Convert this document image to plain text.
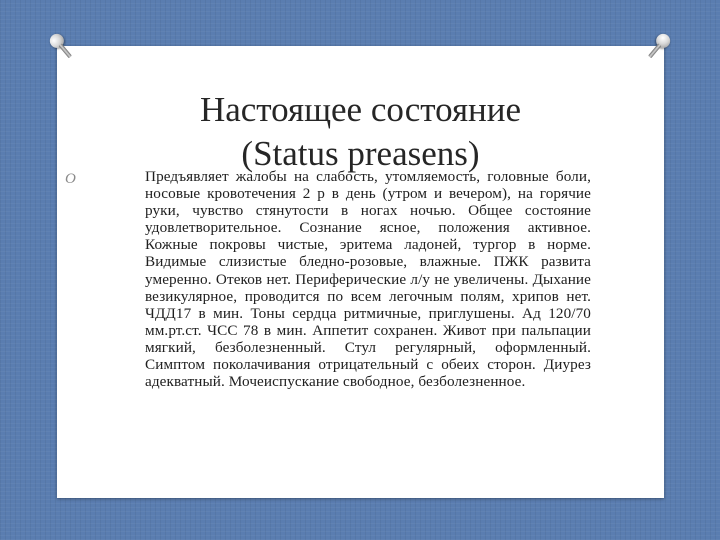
Настоящее состояние
(Status preasens)
O	Предъявляет жалобы на слабость, утомляемость, головные боли, носовые кровотечения 2 р в день (утром и вечером), на горячие руки, чувство стянутости в ногах ночью. Общее состояние удовлетворительное. Сознание ясное, положения активное. Кожные покровы чистые, эритема ладоней, тургор в норме. Видимые слизистые бледно-розовые, влажные. ПЖК развита умеренно. Отеков нет. Периферические л/у не увеличены. Дыхание везикулярное, проводится по всем легочным полям, хрипов нет. ЧДД17 в мин. Тоны сердца ритмичные, приглушены. Ад 120/70 мм.рт.ст. ЧСС 78 в мин. Аппетит сохранен. Живот при пальпации мягкий, безболезненный. Стул регулярный, оформленный. Симптом поколачивания отрицательный с обеих сторон. Диурез адекватный. Мочеиспускание свободное, безболезненное.
